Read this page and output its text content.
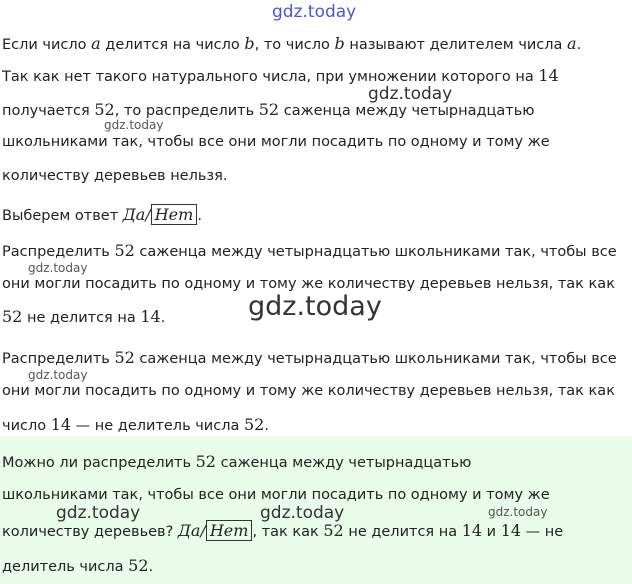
gdz.today
Если число a делится на число b, то число b называют делителем числа a.
Так как нет такого натурального числа, при умножении которого на 14
gdz.today
получается 52, то распределить 52 саженца между четырнадцатью
gdz.today
школьниками так, чтобы все они могли посадить по одному и тому же
количеству деревьев нельзя.
Выберем ответ Да/ Нет .
Распределить 52 саженца между четырнадцатью школьниками так, чтобы все
gdz.today
они могли посадить по одному и тому же количеству деревьев нельзя, так как
gdz.today
52 не делится на 14.
Распределить 52 саженца между четырнадцатью школьниками так, чтобы все
gdz.today
они могли посадить по одному и тому же количеству деревьев нельзя, так как
число 14 — не делитель числа 52.
Можно ли распределить 52 саженца между четырнадцатью
школьниками так, чтобы все они могли посадить по одному и тому же
gdz.today	gdz.today	gdz.today
количеству деревьев? Да/ Нет , так как 52 не делится на 14 и 14 — не
делитель числа 52.
